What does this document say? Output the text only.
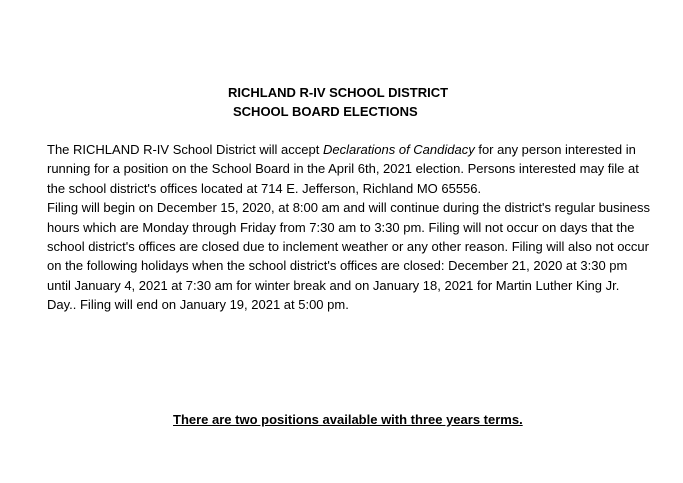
RICHLAND R-IV SCHOOL DISTRICT
SCHOOL BOARD ELECTIONS

The RICHLAND R-IV School District will accept Declarations of Candidacy for any person interested in running for a position on the School Board in the April 6th, 2021 election. Persons interested may file at the school district's offices located at 714 E. Jefferson, Richland MO 65556.

Filing will begin on December 15, 2020, at 8:00 am and will continue during the district's regular business hours which are Monday through Friday from 7:30 am to 3:30 pm. Filing will not occur on days that the school district's offices are closed due to inclement weather or any other reason. Filing will also not occur on the following holidays when the school district's offices are closed: December 21, 2020 at 3:30 pm until January 4, 2021 at 7:30 am for winter break and on January 18, 2021 for Martin Luther King Jr. Day.. Filing will end on January 19, 2021 at 5:00 pm.

There are two positions available with three years terms.
